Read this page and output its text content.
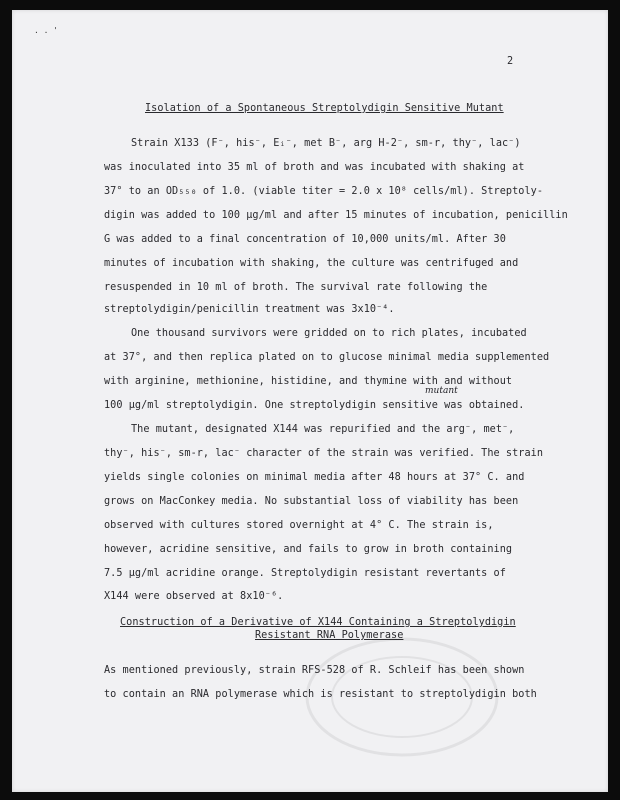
. . '
2
Isolation of a Spontaneous Streptolydigin Sensitive Mutant
Strain X133 (F⁻, his⁻, Eᵢ⁻, met B⁻, arg H-2⁻, sm-r, thy⁻, lac⁻)
was inoculated into 35 ml of broth and was incubated with shaking at
37° to an OD₅₅₀ of 1.0. (viable titer = 2.0 x 10⁸ cells/ml). Streptoly-
digin was added to 100 µg/ml and after 15 minutes of incubation, penicillin
G was added to a final concentration of 10,000 units/ml. After 30
minutes of incubation with shaking, the culture was centrifuged and
resuspended in 10 ml of broth. The survival rate following the
streptolydigin/penicillin treatment was 3x10⁻⁴.
One thousand survivors were gridded on to rich plates, incubated
at 37°, and then replica plated on to glucose minimal media supplemented
with arginine, methionine, histidine, and thymine with and without
mutant
100 µg/ml streptolydigin. One streptolydigin sensitive was obtained.
The mutant, designated X144 was repurified and the arg⁻, met⁻,
thy⁻, his⁻, sm-r, lac⁻ character of the strain was verified. The strain
yields single colonies on minimal media after 48 hours at 37° C. and
grows on MacConkey media. No substantial loss of viability has been
observed with cultures stored overnight at 4° C. The strain is,
however, acridine sensitive, and fails to grow in broth containing
7.5 µg/ml acridine orange. Streptolydigin resistant revertants of
X144 were observed at 8x10⁻⁶.
Construction of a Derivative of X144 Containing a Streptolydigin
Resistant RNA Polymerase
As mentioned previously, strain RFS-528 of R. Schleif has been shown
to contain an RNA polymerase which is resistant to streptolydigin both
